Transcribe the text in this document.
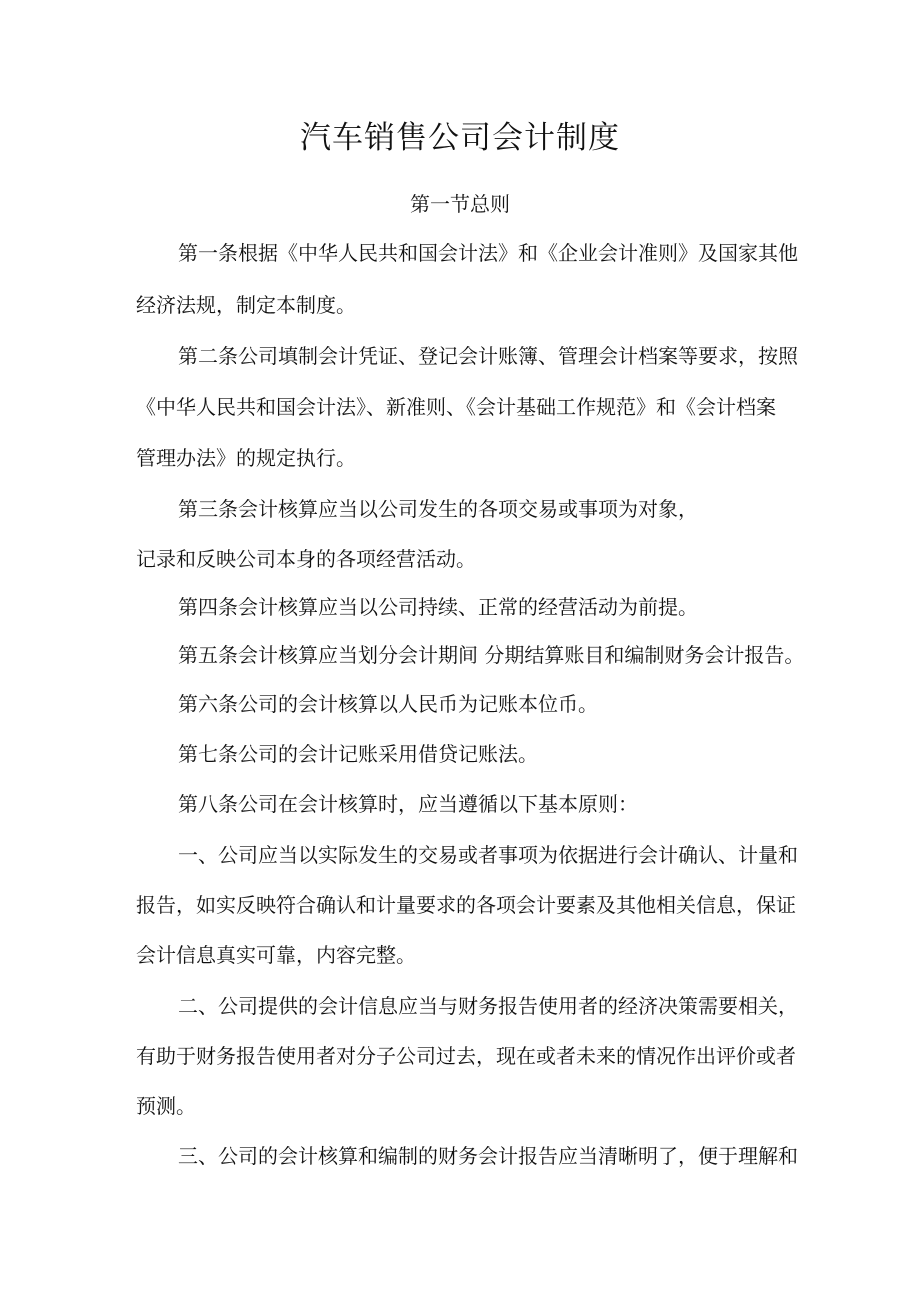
汽车销售公司会计制度
第一节总则

第一条根据《中华人民共和国会计法》和《企业会计准则》及国家其他

经济法规，制定本制度。

第二条公司填制会计凭证、登记会计账簿、管理会计档案等要求，按照

《中华人民共和国会计法》、新准则、《会计基础工作规范》和《会计档案

管理办法》的规定执行。

第三条会计核算应当以公司发生的各项交易或事项为对象，

记录和反映公司本身的各项经营活动。

第四条会计核算应当以公司持续、正常的经营活动为前提。

第五条会计核算应当划分会计期间 分期结算账目和编制财务会计报告。

第六条公司的会计核算以人民币为记账本位币。

第七条公司的会计记账采用借贷记账法。

第八条公司在会计核算时，应当遵循以下基本原则：

一、公司应当以实际发生的交易或者事项为依据进行会计确认、计量和

报告，如实反映符合确认和计量要求的各项会计要素及其他相关信息，保证

会计信息真实可靠，内容完整。

二、公司提供的会计信息应当与财务报告使用者的经济决策需要相关，

有助于财务报告使用者对分子公司过去，现在或者未来的情况作出评价或者

预测。

三、公司的会计核算和编制的财务会计报告应当清晰明了，便于理解和
